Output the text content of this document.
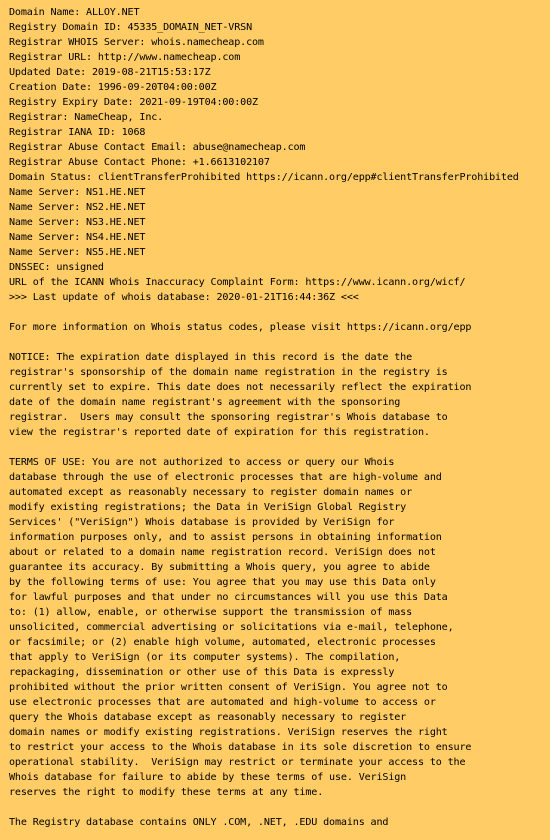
Domain Name: ALLOY.NET
Registry Domain ID: 45335_DOMAIN_NET-VRSN
Registrar WHOIS Server: whois.namecheap.com
Registrar URL: http://www.namecheap.com
Updated Date: 2019-08-21T15:53:17Z
Creation Date: 1996-09-20T04:00:00Z
Registry Expiry Date: 2021-09-19T04:00:00Z
Registrar: NameCheap, Inc.
Registrar IANA ID: 1068
Registrar Abuse Contact Email: abuse@namecheap.com
Registrar Abuse Contact Phone: +1.6613102107
Domain Status: clientTransferProhibited https://icann.org/epp#clientTransferProhibited
Name Server: NS1.HE.NET
Name Server: NS2.HE.NET
Name Server: NS3.HE.NET
Name Server: NS4.HE.NET
Name Server: NS5.HE.NET
DNSSEC: unsigned
URL of the ICANN Whois Inaccuracy Complaint Form: https://www.icann.org/wicf/
>>> Last update of whois database: 2020-01-21T16:44:36Z <<<
For more information on Whois status codes, please visit https://icann.org/epp
NOTICE: The expiration date displayed in this record is the date the
registrar's sponsorship of the domain name registration in the registry is
currently set to expire. This date does not necessarily reflect the expiration
date of the domain name registrant's agreement with the sponsoring
registrar.  Users may consult the sponsoring registrar's Whois database to
view the registrar's reported date of expiration for this registration.
TERMS OF USE: You are not authorized to access or query our Whois
database through the use of electronic processes that are high-volume and
automated except as reasonably necessary to register domain names or
modify existing registrations; the Data in VeriSign Global Registry
Services' ("VeriSign") Whois database is provided by VeriSign for
information purposes only, and to assist persons in obtaining information
about or related to a domain name registration record. VeriSign does not
guarantee its accuracy. By submitting a Whois query, you agree to abide
by the following terms of use: You agree that you may use this Data only
for lawful purposes and that under no circumstances will you use this Data
to: (1) allow, enable, or otherwise support the transmission of mass
unsolicited, commercial advertising or solicitations via e-mail, telephone,
or facsimile; or (2) enable high volume, automated, electronic processes
that apply to VeriSign (or its computer systems). The compilation,
repackaging, dissemination or other use of this Data is expressly
prohibited without the prior written consent of VeriSign. You agree not to
use electronic processes that are automated and high-volume to access or
query the Whois database except as reasonably necessary to register
domain names or modify existing registrations. VeriSign reserves the right
to restrict your access to the Whois database in its sole discretion to ensure
operational stability.  VeriSign may restrict or terminate your access to the
Whois database for failure to abide by these terms of use. VeriSign
reserves the right to modify these terms at any time.
The Registry database contains ONLY .COM, .NET, .EDU domains and
